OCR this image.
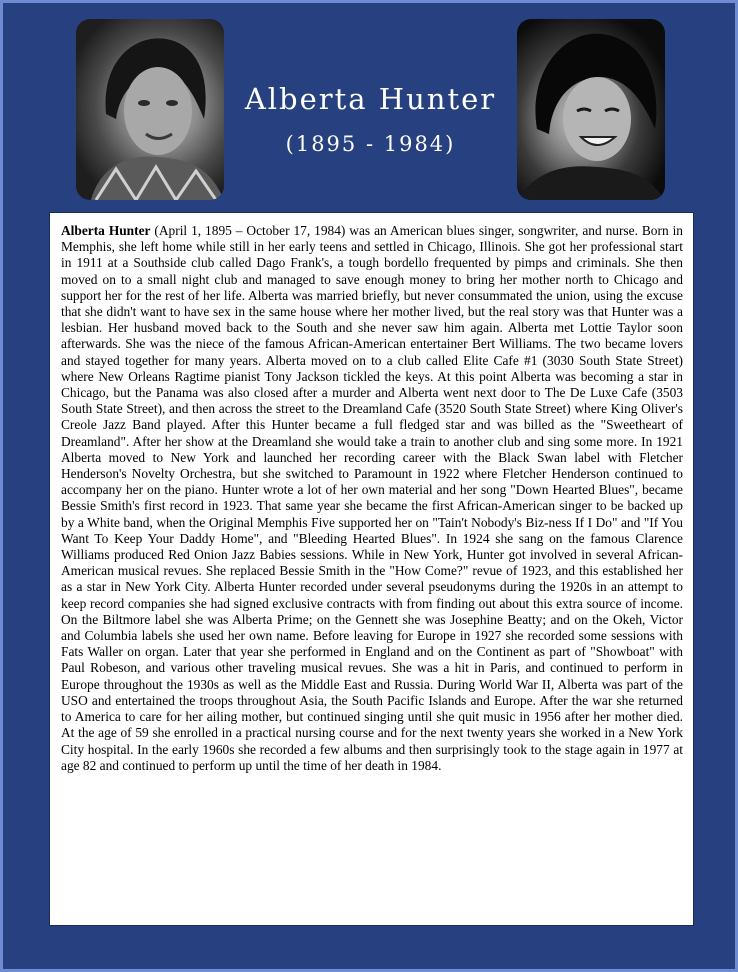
Alberta Hunter
(1895 - 1984)

Alberta Hunter (April 1, 1895 – October 17, 1984) was an American blues singer, songwriter, and nurse. Born in Memphis, she left home while still in her early teens and settled in Chicago, Illinois. She got her professional start in 1911 at a Southside club called Dago Frank's, a tough bordello frequented by pimps and criminals. She then moved on to a small night club and managed to save enough money to bring her mother north to Chicago and support her for the rest of her life. Alberta was married briefly, but never consummated the union, using the excuse that she didn't want to have sex in the same house where her mother lived, but the real story was that Hunter was a lesbian. Her husband moved back to the South and she never saw him again. Alberta met Lottie Taylor soon afterwards. She was the niece of the famous African-American entertainer Bert Williams. The two became lovers and stayed together for many years. Alberta moved on to a club called Elite Cafe #1 (3030 South State Street) where New Orleans Ragtime pianist Tony Jackson tickled the keys. At this point Alberta was becoming a star in Chicago, but the Panama was also closed after a murder and Alberta went next door to The De Luxe Cafe (3503 South State Street), and then across the street to the Dreamland Cafe (3520 South State Street) where King Oliver's Creole Jazz Band played. After this Hunter became a full fledged star and was billed as the "Sweetheart of Dreamland". After her show at the Dreamland she would take a train to another club and sing some more. In 1921 Alberta moved to New York and launched her recording career with the Black Swan label with Fletcher Henderson's Novelty Orchestra, but she switched to Paramount in 1922 where Fletcher Henderson continued to accompany her on the piano. Hunter wrote a lot of her own material and her song "Down Hearted Blues", became Bessie Smith's first record in 1923. That same year she became the first African-American singer to be backed up by a White band, when the Original Memphis Five supported her on "Tain't Nobody's Biz-ness If I Do" and "If You Want To Keep Your Daddy Home", and "Bleeding Hearted Blues". In 1924 she sang on the famous Clarence Williams produced Red Onion Jazz Babies sessions. While in New York, Hunter got involved in several African-American musical revues. She replaced Bessie Smith in the "How Come?" revue of 1923, and this established her as a star in New York City. Alberta Hunter recorded under several pseudonyms during the 1920s in an attempt to keep record companies she had signed exclusive contracts with from finding out about this extra source of income. On the Biltmore label she was Alberta Prime; on the Gennett she was Josephine Beatty; and on the Okeh, Victor and Columbia labels she used her own name. Before leaving for Europe in 1927 she recorded some sessions with Fats Waller on organ. Later that year she performed in England and on the Continent as part of "Showboat" with Paul Robeson, and various other traveling musical revues. She was a hit in Paris, and continued to perform in Europe throughout the 1930s as well as the Middle East and Russia. During World War II, Alberta was part of the USO and entertained the troops throughout Asia, the South Pacific Islands and Europe. After the war she returned to America to care for her ailing mother, but continued singing until she quit music in 1956 after her mother died. At the age of 59 she enrolled in a practical nursing course and for the next twenty years she worked in a New York City hospital. In the early 1960s she recorded a few albums and then surprisingly took to the stage again in 1977 at age 82 and continued to perform up until the time of her death in 1984.
